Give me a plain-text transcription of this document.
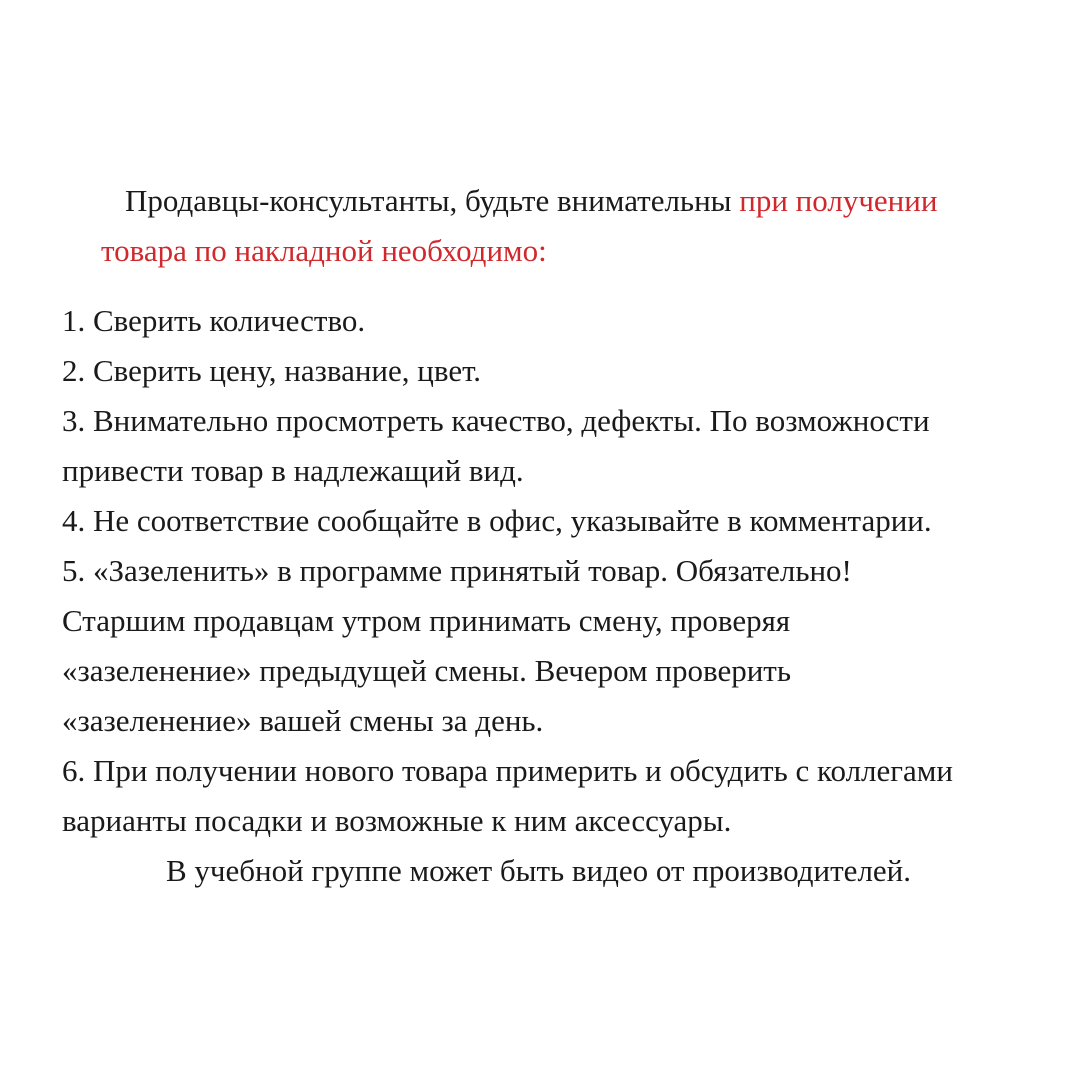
Продавцы-консультанты, будьте внимательны при получении
товара по накладной необходимо:
1. Сверить количество.
2. Сверить цену, название, цвет.
3. Внимательно просмотреть качество, дефекты. По возможности
привести товар в надлежащий вид.
4. Не соответствие сообщайте в офис, указывайте в комментарии.
5. «Зазеленить» в программе принятый товар. Обязательно!
Старшим продавцам утром принимать смену, проверяя
«зазеленение» предыдущей смены. Вечером проверить
«зазеленение» вашей смены за день.
6. При получении нового товара примерить и обсудить с коллегами
варианты посадки и возможные к ним аксессуары.
В учебной группе может быть видео от производителей.
